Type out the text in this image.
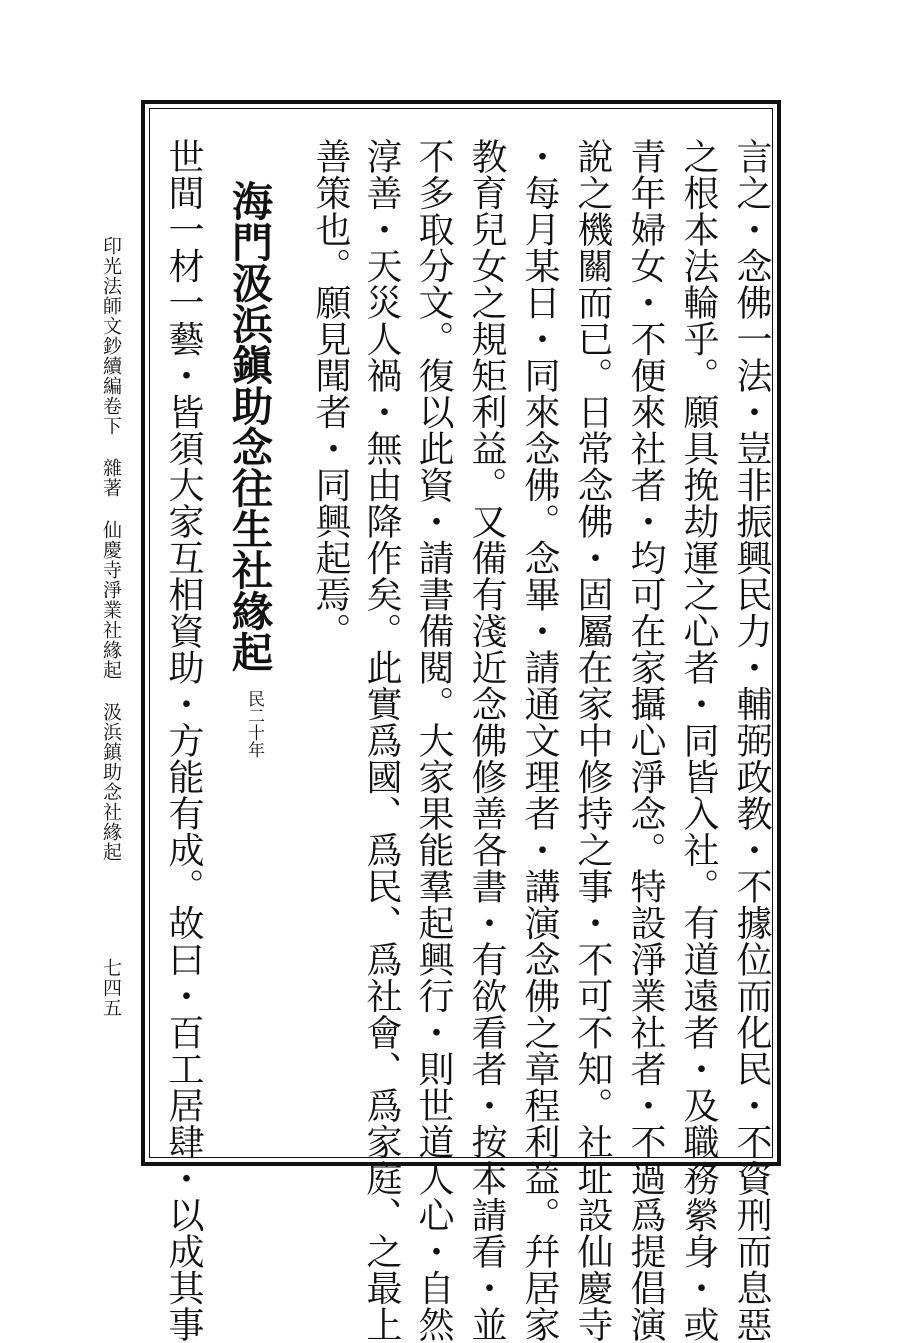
言之・念佛一法・豈非振興民力・輔弼政教・不據位而化民・不資刑而息惡
之根本法輪乎。願具挽劫運之心者・同皆入社。有道遠者・及職務縈身・或
青年婦女・不便來社者・均可在家攝心淨念。特設淨業社者・不過爲提倡演
說之機關而已。日常念佛・固屬在家中修持之事・不可不知。社址設仙慶寺
・每月某日・同來念佛。念畢・請通文理者・講演念佛之章程利益。幷居家
教育兒女之規矩利益。又備有淺近念佛修善各書・有欲看者・按本請看・並
不多取分文。復以此資・請書備閱。大家果能羣起興行・則世道人心・自然
淳善・天災人禍・無由降作矣。此實爲國、爲民、爲社會、爲家庭、之最上
善策也。願見聞者・同興起焉。
海門汲浜鎭助念往生社緣起
民二十年
世間一材一藝・皆須大家互相資助・方能有成。故曰・百工居肆・以成其事
印光法師文鈔續編卷下雜著仙慶寺淨業社緣起汲浜鎮助念社緣起
七四五
